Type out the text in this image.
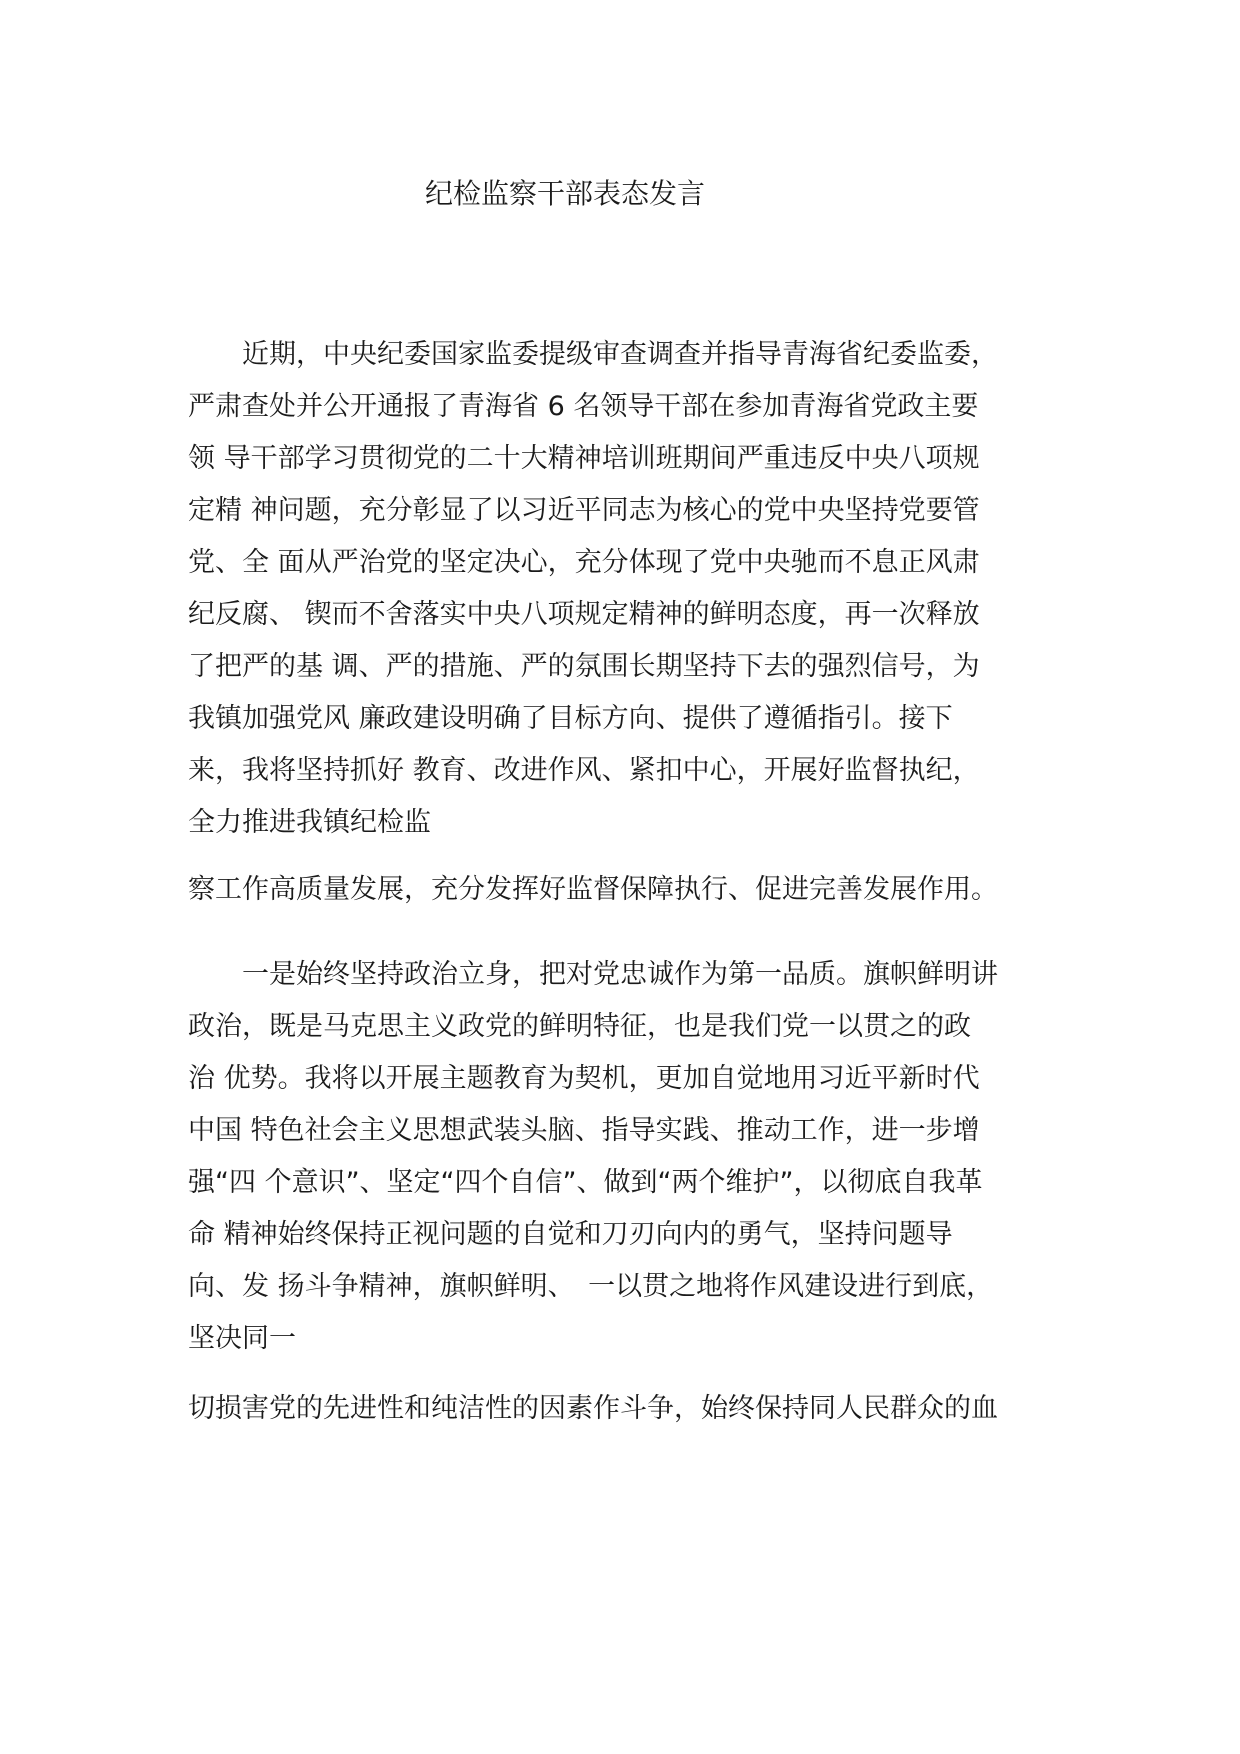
纪检监察干部表态发言
　　近期，中央纪委国家监委提级审查调查并指导青海省纪委监委，
严肃查处并公开通报了青海省 6 名领导干部在参加青海省党政主要
领 导干部学习贯彻党的二十大精神培训班期间严重违反中央八项规
定精 神问题，充分彰显了以习近平同志为核心的党中央坚持党要管
党、全 面从严治党的坚定决心，充分体现了党中央驰而不息正风肃
纪反腐、 锲而不舍落实中央八项规定精神的鲜明态度，再一次释放
了把严的基 调、严的措施、严的氛围长期坚持下去的强烈信号，为
我镇加强党风 廉政建设明确了目标方向、提供了遵循指引。接下
来，我将坚持抓好 教育、改进作风、紧扣中心，开展好监督执纪，
全力推进我镇纪检监
察工作高质量发展，充分发挥好监督保障执行、促进完善发展作用。
　　一是始终坚持政治立身，把对党忠诚作为第一品质。旗帜鲜明讲
政治，既是马克思主义政党的鲜明特征，也是我们党一以贯之的政
治 优势。我将以开展主题教育为契机，更加自觉地用习近平新时代
中国 特色社会主义思想武装头脑、指导实践、推动工作，进一步增
强“四 个意识”、坚定“四个自信”、做到“两个维护”，以彻底自我革
命 精神始终保持正视问题的自觉和刀刃向内的勇气，坚持问题导
向、发 扬斗争精神，旗帜鲜明、　一以贯之地将作风建设进行到底，
坚决同一
切损害党的先进性和纯洁性的因素作斗争，始终保持同人民群众的血
